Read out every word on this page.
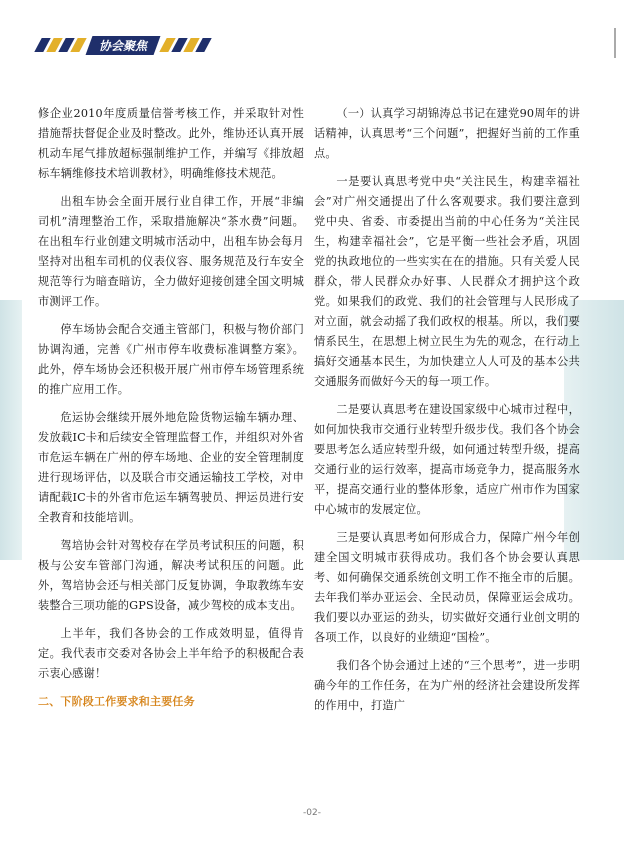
协会聚焦

修企业2010年度质量信誉考核工作，并采取针对性措施帮扶督促企业及时整改。此外，维协还认真开展机动车尾气排放超标强制维护工作，并编写《排放超标车辆维修技术培训教材》，明确维修技术规范。

出租车协会全面开展行业自律工作，开展“非编司机”清理整治工作，采取措施解决“茶水费”问题。在出租车行业创建文明城市活动中，出租车协会每月坚持对出租车司机的仪表仪容、服务规范及行车安全规范等行为暗查暗访，全力做好迎接创建全国文明城市测评工作。

停车场协会配合交通主管部门，积极与物价部门协调沟通，完善《广州市停车收费标准调整方案》。此外，停车场协会还积极开展广州市停车场管理系统的推广应用工作。

危运协会继续开展外地危险货物运输车辆办理、发放载IC卡和后续安全管理监督工作，并组织对外省市危运车辆在广州的停车场地、企业的安全管理制度进行现场评估，以及联合市交通运输技工学校，对申请配载IC卡的外省市危运车辆驾驶员、押运员进行安全教育和技能培训。

驾培协会针对驾校存在学员考试积压的问题，积极与公安车管部门沟通，解决考试积压的问题。此外，驾培协会还与相关部门反复协调，争取教练车安装整合三项功能的GPS设备，减少驾校的成本支出。

上半年，我们各协会的工作成效明显，值得肯定。我代表市交委对各协会上半年给予的积极配合表示衷心感谢！

二、下阶段工作要求和主要任务

（一）认真学习胡锦涛总书记在建党90周年的讲话精神，认真思考“三个问题”，把握好当前的工作重点。

一是要认真思考党中央“关注民生，构建幸福社会”对广州交通提出了什么客观要求。我们要注意到党中央、省委、市委提出当前的中心任务为“关注民生，构建幸福社会”，它是平衡一些社会矛盾，巩固党的执政地位的一些实实在在的措施。只有关爱人民群众，带人民群众办好事、人民群众才拥护这个政党。如果我们的政党、我们的社会管理与人民形成了对立面，就会动摇了我们政权的根基。所以，我们要情系民生，在思想上树立民生为先的观念，在行动上搞好交通基本民生，为加快建立人人可及的基本公共交通服务而做好今天的每一项工作。

二是要认真思考在建设国家级中心城市过程中，如何加快我市交通行业转型升级步伐。我们各个协会要思考怎么适应转型升级，如何通过转型升级，提高交通行业的运行效率，提高市场竞争力，提高服务水平，提高交通行业的整体形象，适应广州市作为国家中心城市的发展定位。

三是要认真思考如何形成合力，保障广州今年创建全国文明城市获得成功。我们各个协会要认真思考、如何确保交通系统创文明工作不拖全市的后腿。去年我们举办亚运会、全民动员，保障亚运会成功。我们要以办亚运的劲头，切实做好交通行业创文明的各项工作，以良好的业绩迎“国检”。

我们各个协会通过上述的“三个思考”，进一步明确今年的工作任务，在为广州的经济社会建设所发挥的作用中，打造广

-02-
